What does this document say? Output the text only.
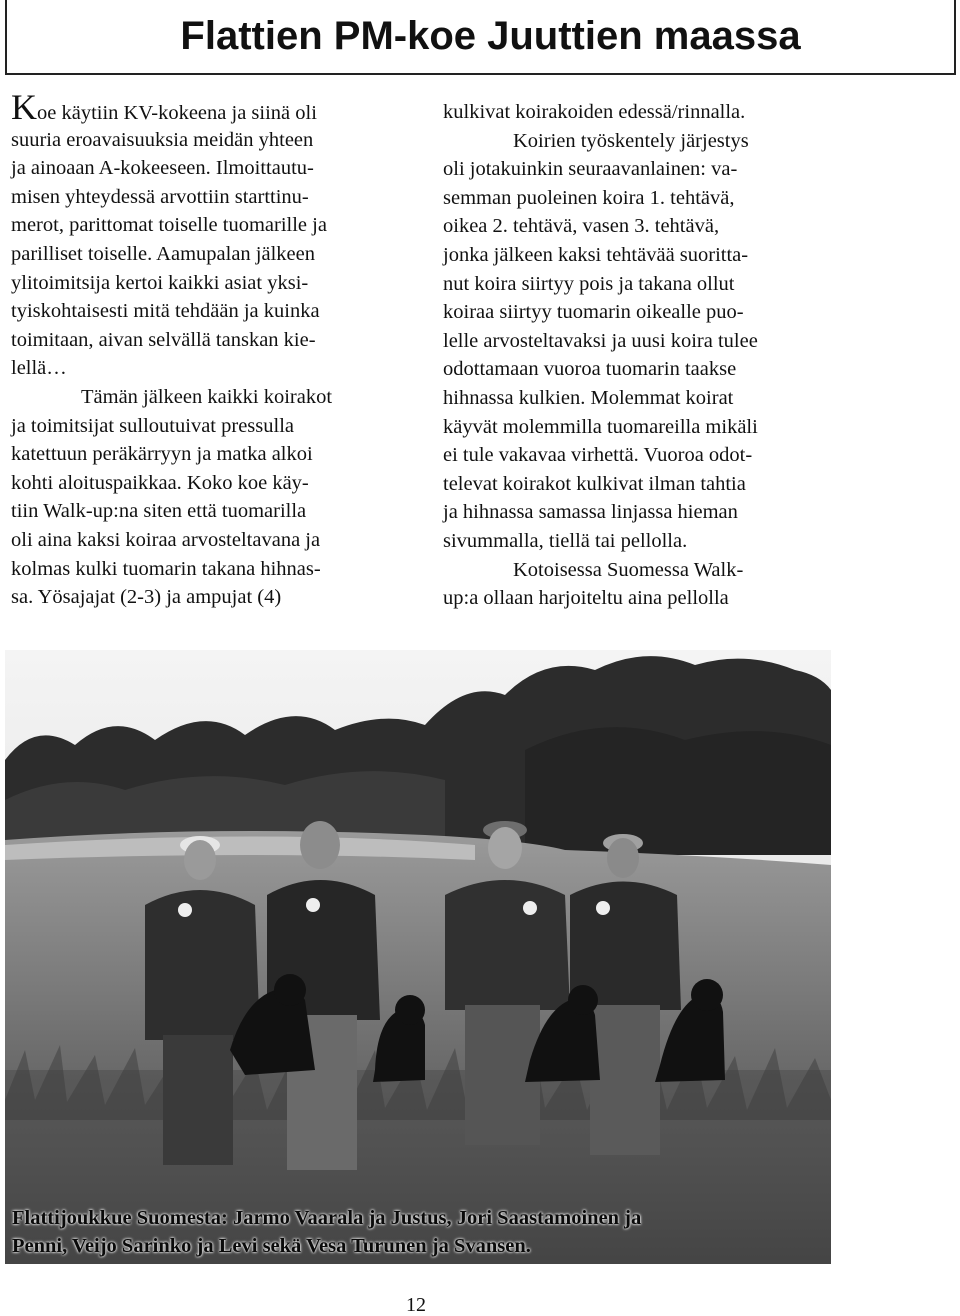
Flattien PM-koe Juuttien maassa
Koe käytiin KV-kokeena ja siinä oli
suuria eroavaisuuksia meidän yhteen
ja ainoaan A-kokeeseen. Ilmoittautu-
misen yhteydessä arvottiin starttinu-
merot, parittomat toiselle tuomarille ja
parilliset toiselle. Aamupalan jälkeen
ylitoimitsija kertoi kaikki asiat yksi-
tyiskohtaisesti mitä tehdään ja kuinka
toimitaan, aivan selvällä tanskan kie-
lellä…
Tämän jälkeen kaikki koirakot
ja toimitsijat sulloutuivat pressulla
katettuun peräkärryyn ja matka alkoi
kohti aloituspaikkaa. Koko koe käy-
tiin Walk-up:na siten että tuomarilla
oli aina kaksi koiraa arvosteltavana ja
kolmas kulki tuomarin takana hihnas-
sa. Yösajajat (2-3) ja ampujat (4)
kulkivat koirakoiden edessä/rinnalla.
Koirien työskentely järjestys
oli jotakuinkin seuraavanlainen: va-
semman puoleinen koira 1. tehtävä,
oikea 2. tehtävä, vasen 3. tehtävä,
jonka jälkeen kaksi tehtävää suoritta-
nut koira siirtyy pois ja takana ollut
koiraa siirtyy tuomarin oikealle puo-
lelle arvosteltavaksi ja uusi koira tulee
odottamaan vuoroa tuomarin taakse
hihnassa kulkien. Molemmat koirat
käyvät molemmilla tuomareilla mikäli
ei tule vakavaa virhettä. Vuoroa odot-
televat koirakot kulkivat ilman tahtia
ja hihnassa samassa linjassa hieman
sivummalla, tiellä tai pellolla.
Kotoisessa Suomessa Walk-
up:a ollaan harjoiteltu aina pellolla
Flattijoukkue Suomesta: Jarmo Vaarala ja Justus, Jori Saastamoinen ja
Penni, Veijo Sarinko ja Levi sekä Vesa Turunen ja Svansen.
12
